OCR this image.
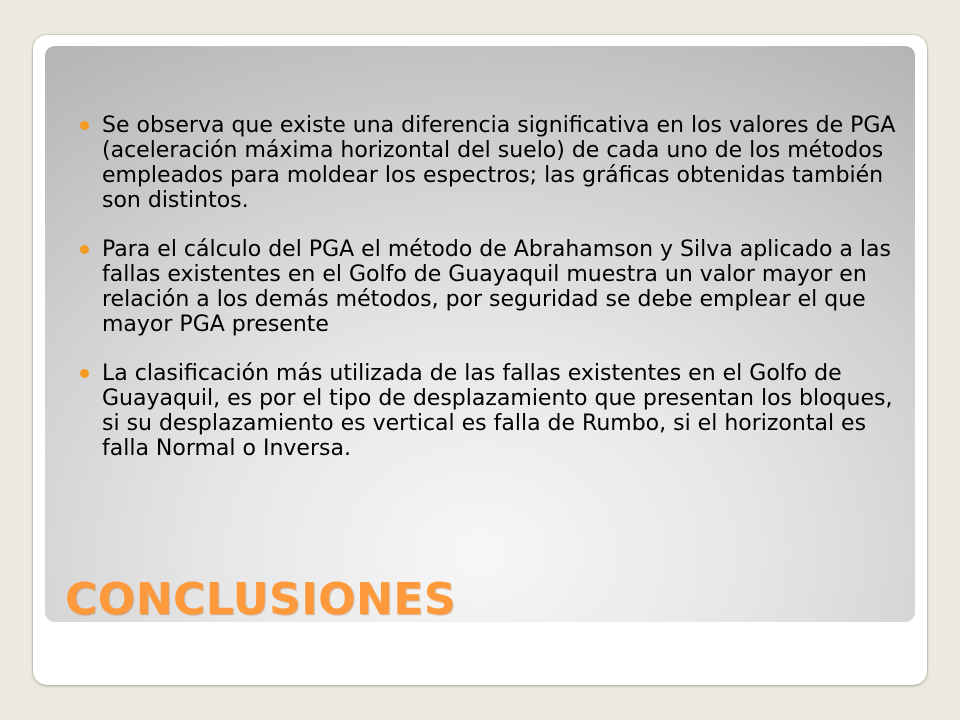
Se observa que existe una diferencia significativa en los valores de PGA (aceleración máxima horizontal del suelo) de cada uno de los métodos empleados para moldear los espectros; las gráficas obtenidas también son distintos.
Para el cálculo del PGA el método de Abrahamson y Silva aplicado a las fallas existentes en el Golfo de Guayaquil muestra un valor mayor en relación a los demás métodos, por seguridad se debe emplear el que mayor PGA presente
La clasificación más utilizada de las fallas existentes en el Golfo de Guayaquil, es por el tipo de desplazamiento que presentan los bloques, si su desplazamiento es vertical es falla de Rumbo, si el horizontal es falla Normal o Inversa.
CONCLUSIONES
